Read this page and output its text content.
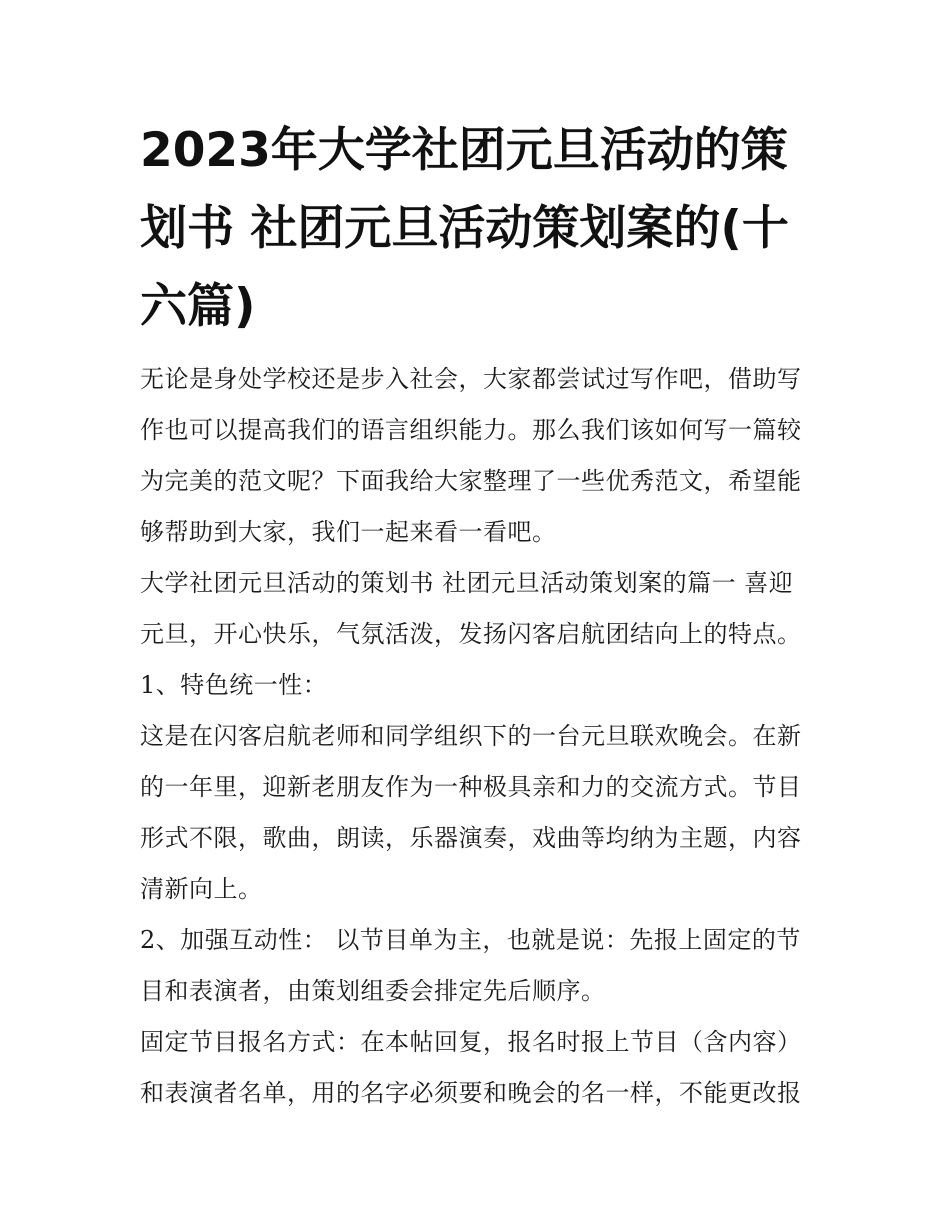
2023年大学社团元旦活动的策划书 社团元旦活动策划案的(十六篇)

无论是身处学校还是步入社会，大家都尝试过写作吧，借助写作也可以提高我们的语言组织能力。那么我们该如何写一篇较为完美的范文呢？下面我给大家整理了一些优秀范文，希望能够帮助到大家，我们一起来看一看吧。

大学社团元旦活动的策划书 社团元旦活动策划案的篇一 喜迎元旦，开心快乐，气氛活泼，发扬闪客启航团结向上的特点。

1、特色统一性：

这是在闪客启航老师和同学组织下的一台元旦联欢晚会。在新的一年里，迎新老朋友作为一种极具亲和力的交流方式。节目形式不限，歌曲，朗读，乐器演奏，戏曲等均纳为主题，内容清新向上。

2、加强互动性： 以节目单为主，也就是说：先报上固定的节目和表演者，由策划组委会排定先后顺序。

固定节目报名方式：在本帖回复，报名时报上节目（含内容）和表演者名单，用的名字必须要和晚会的名一样，不能更改报
